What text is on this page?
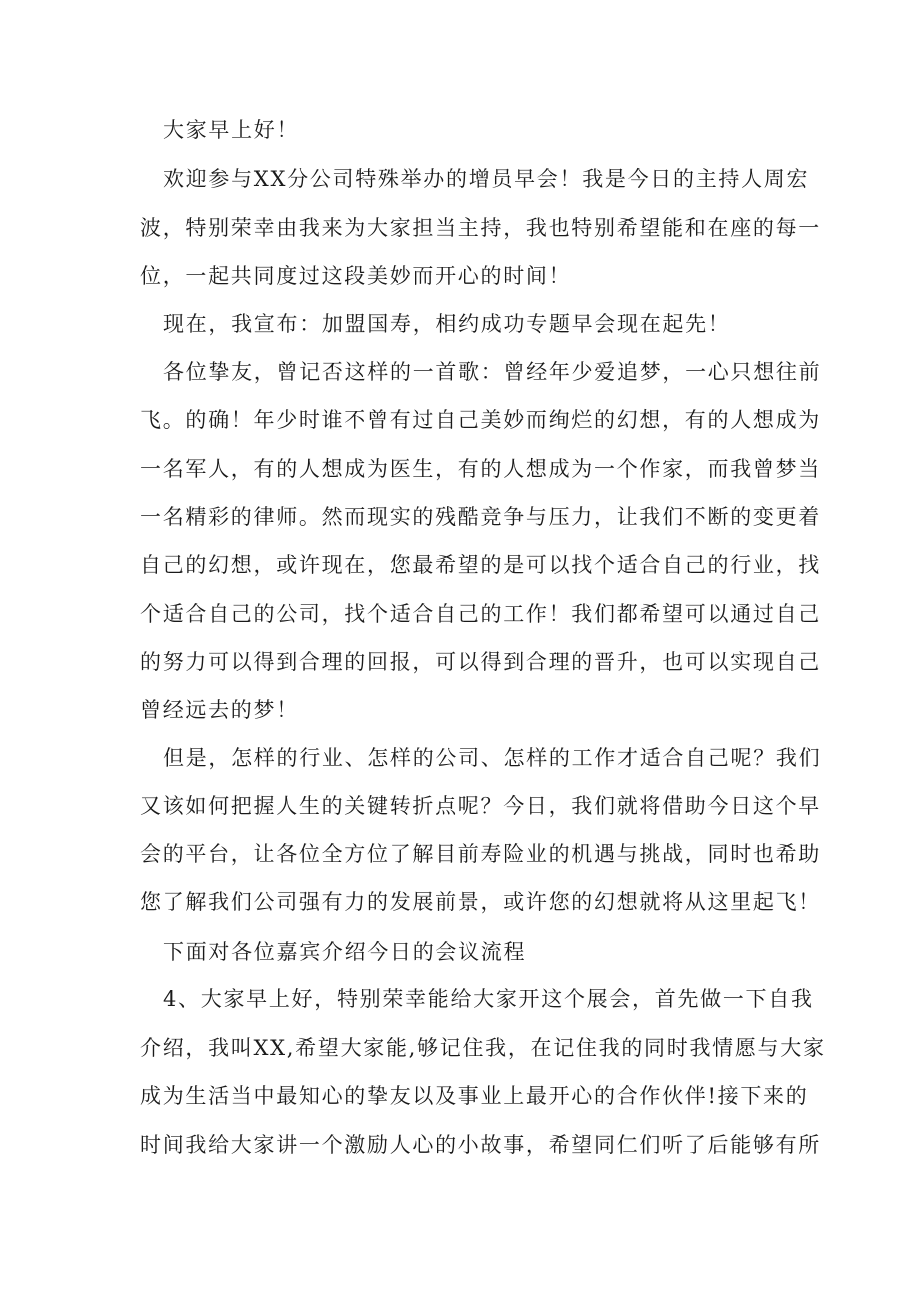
大家早上好！
欢迎参与XX分公司特殊举办的增员早会！我是今日的主持人周宏
波，特别荣幸由我来为大家担当主持，我也特别希望能和在座的每一
位，一起共同度过这段美妙而开心的时间！
现在，我宣布：加盟国寿，相约成功专题早会现在起先！
各位挚友，曾记否这样的一首歌：曾经年少爱追梦，一心只想往前
飞。的确！年少时谁不曾有过自己美妙而绚烂的幻想，有的人想成为
一名军人，有的人想成为医生，有的人想成为一个作家，而我曾梦当
一名精彩的律师。然而现实的残酷竞争与压力，让我们不断的变更着
自己的幻想，或许现在，您最希望的是可以找个适合自己的行业，找
个适合自己的公司，找个适合自己的工作！我们都希望可以通过自己
的努力可以得到合理的回报，可以得到合理的晋升，也可以实现自己
曾经远去的梦！
但是，怎样的行业、怎样的公司、怎样的工作才适合自己呢？我们
又该如何把握人生的关键转折点呢？今日，我们就将借助今日这个早
会的平台，让各位全方位了解目前寿险业的机遇与挑战，同时也希助
您了解我们公司强有力的发展前景，或许您的幻想就将从这里起飞！
下面对各位嘉宾介绍今日的会议流程
4、大家早上好，特别荣幸能给大家开这个展会，首先做一下自我
介绍，我叫XX,希望大家能,够记住我，在记住我的同时我情愿与大家
成为生活当中最知心的挚友以及事业上最开心的合作伙伴!接下来的
时间我给大家讲一个激励人心的小故事，希望同仁们听了后能够有所
